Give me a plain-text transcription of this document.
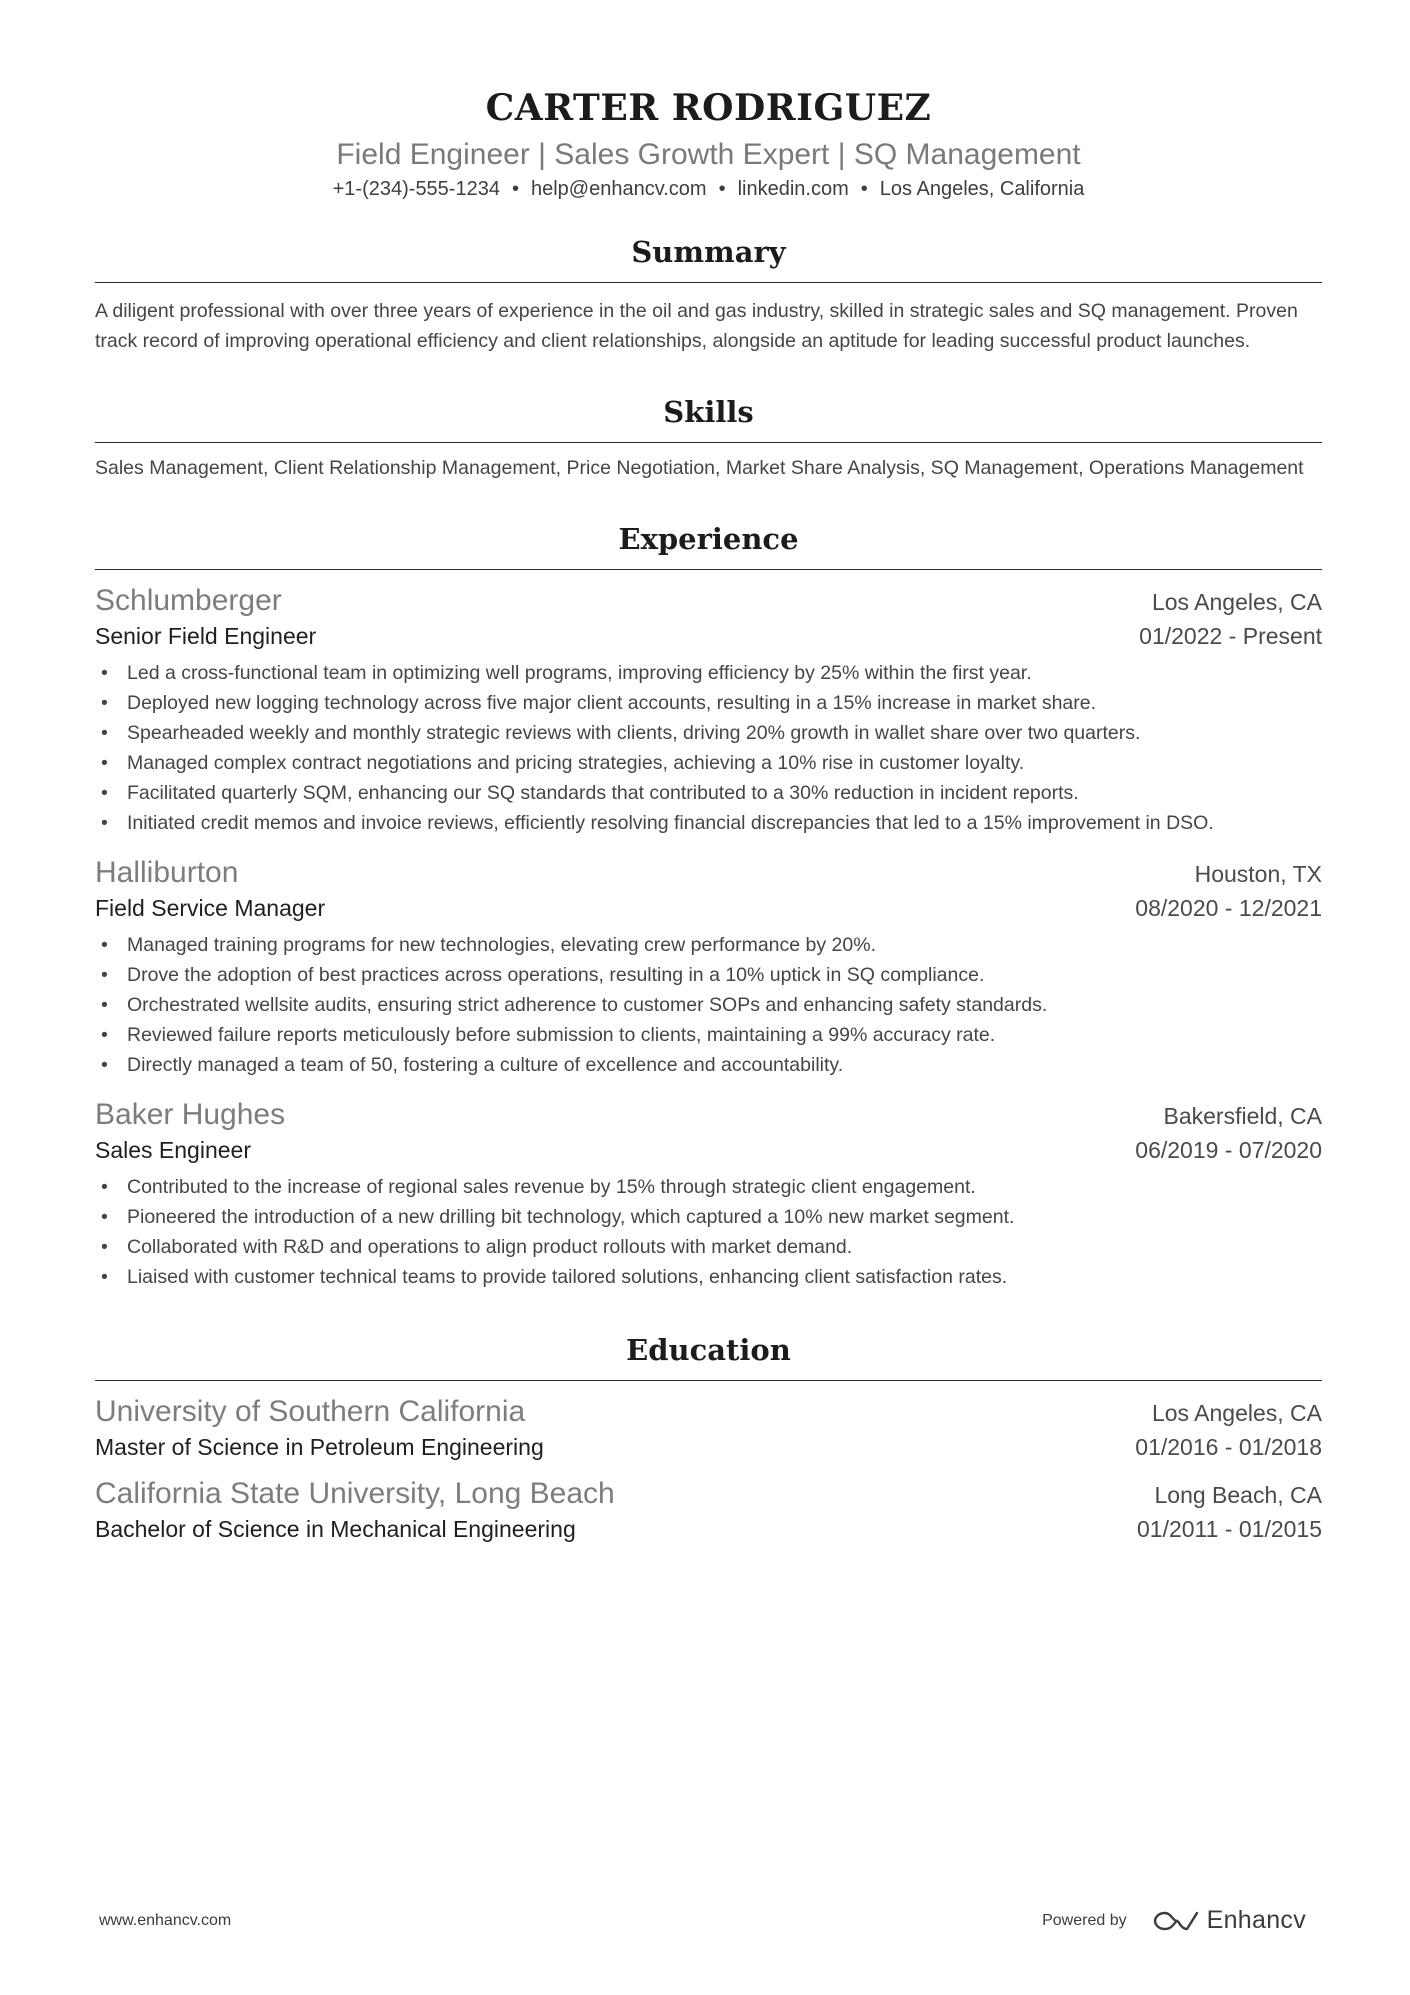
CARTER RODRIGUEZ
Field Engineer | Sales Growth Expert | SQ Management
+1-(234)-555-1234 • help@enhancv.com • linkedin.com • Los Angeles, California
Summary
A diligent professional with over three years of experience in the oil and gas industry, skilled in strategic sales and SQ management. Proven track record of improving operational efficiency and client relationships, alongside an aptitude for leading successful product launches.
Skills
Sales Management, Client Relationship Management, Price Negotiation, Market Share Analysis, SQ Management, Operations Management
Experience
Schlumberger	Los Angeles, CA
Senior Field Engineer	01/2022 - Present
• Led a cross-functional team in optimizing well programs, improving efficiency by 25% within the first year.
• Deployed new logging technology across five major client accounts, resulting in a 15% increase in market share.
• Spearheaded weekly and monthly strategic reviews with clients, driving 20% growth in wallet share over two quarters.
• Managed complex contract negotiations and pricing strategies, achieving a 10% rise in customer loyalty.
• Facilitated quarterly SQM, enhancing our SQ standards that contributed to a 30% reduction in incident reports.
• Initiated credit memos and invoice reviews, efficiently resolving financial discrepancies that led to a 15% improvement in DSO.
Halliburton	Houston, TX
Field Service Manager	08/2020 - 12/2021
• Managed training programs for new technologies, elevating crew performance by 20%.
• Drove the adoption of best practices across operations, resulting in a 10% uptick in SQ compliance.
• Orchestrated wellsite audits, ensuring strict adherence to customer SOPs and enhancing safety standards.
• Reviewed failure reports meticulously before submission to clients, maintaining a 99% accuracy rate.
• Directly managed a team of 50, fostering a culture of excellence and accountability.
Baker Hughes	Bakersfield, CA
Sales Engineer	06/2019 - 07/2020
• Contributed to the increase of regional sales revenue by 15% through strategic client engagement.
• Pioneered the introduction of a new drilling bit technology, which captured a 10% new market segment.
• Collaborated with R&D and operations to align product rollouts with market demand.
• Liaised with customer technical teams to provide tailored solutions, enhancing client satisfaction rates.
Education
University of Southern California	Los Angeles, CA
Master of Science in Petroleum Engineering	01/2016 - 01/2018
California State University, Long Beach	Long Beach, CA
Bachelor of Science in Mechanical Engineering	01/2011 - 01/2015
www.enhancv.com	Powered by	Enhancv
